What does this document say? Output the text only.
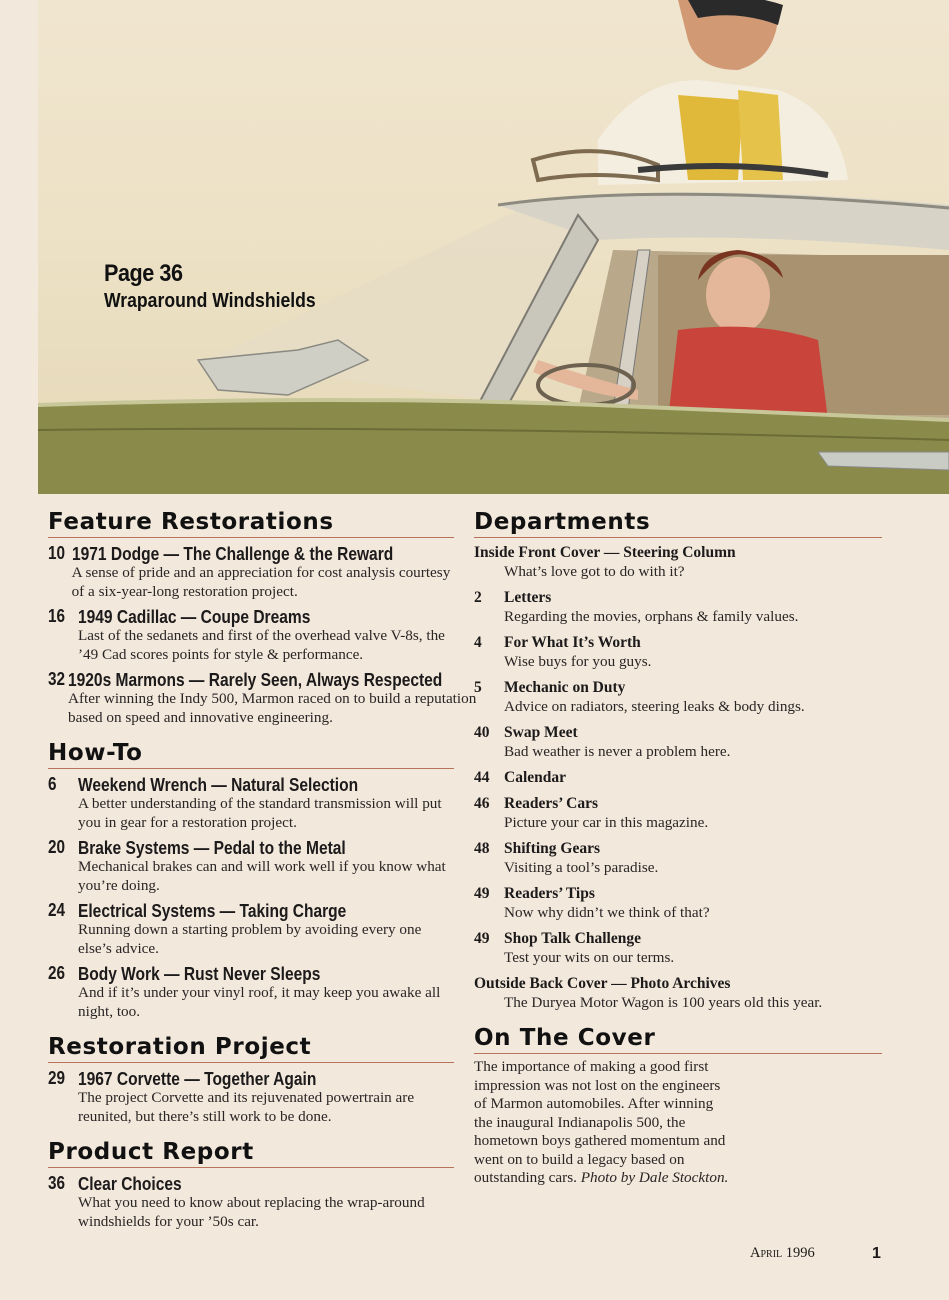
Page 36
Wraparound Windshields
Feature Restorations
10 1971 Dodge — The Challenge & the Reward
A sense of pride and an appreciation for cost analysis courtesy of a six-year-long restoration project.
16 1949 Cadillac — Coupe Dreams
Last of the sedanets and first of the overhead valve V-8s, the ’49 Cad scores points for style & performance.
32 1920s Marmons — Rarely Seen, Always Respected
After winning the Indy 500, Marmon raced on to build a reputation based on speed and innovative engineering.
How-To
6	Weekend Wrench — Natural Selection
A better understanding of the standard transmission will put you in gear for a restoration project.
20 Brake Systems — Pedal to the Metal
Mechanical brakes can and will work well if you know what you’re doing.
24 Electrical Systems — Taking Charge
Running down a starting problem by avoiding every one else’s advice.
26 Body Work — Rust Never Sleeps
And if it’s under your vinyl roof, it may keep you awake all night, too.
Restoration Project
29 1967 Corvette — Together Again
The project Corvette and its rejuvenated powertrain are reunited, but there’s still work to be done.
Product Report
36 Clear Choices
What you need to know about replacing the wrap-around windshields for your ’50s car.
Departments
Inside Front Cover — Steering Column
What’s love got to do with it?
2	Letters
Regarding the movies, orphans & family values.
4	For What It’s Worth
Wise buys for you guys.
5	Mechanic on Duty
Advice on radiators, steering leaks & body dings.
40 Swap Meet
Bad weather is never a problem here.
44 Calendar
46 Readers’ Cars
Picture your car in this magazine.
48 Shifting Gears
Visiting a tool’s paradise.
49 Readers’ Tips
Now why didn’t we think of that?
49 Shop Talk Challenge
Test your wits on our terms.
Outside Back Cover — Photo Archives
The Duryea Motor Wagon is 100 years old this year.
On The Cover
The importance of making a good first impression was not lost on the engineers of Marmon automobiles. After winning the inaugural Indianapolis 500, the hometown boys gathered momentum and went on to build a legacy based on outstanding cars. Photo by Dale Stockton.
April 1996	1
